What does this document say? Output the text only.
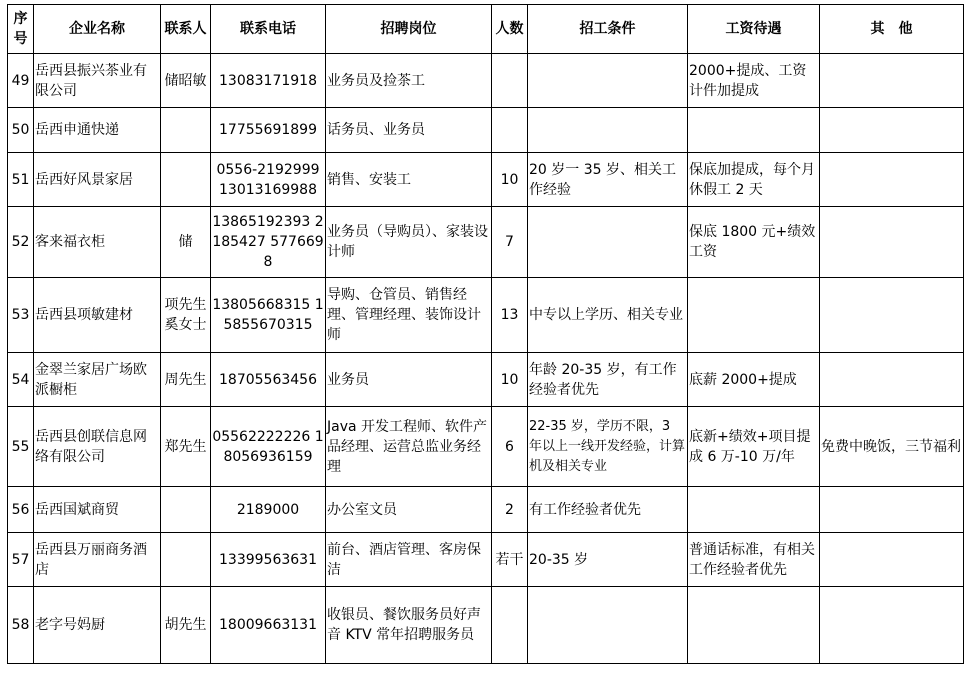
序号	企业名称	联系人	联系电话	招聘岗位	人数	招工条件	工资待遇	其　他
49	岳西县振兴茶业有限公司	储昭敏	13083171918	业务员及捡茶工			2000+提成、工资计件加提成	
50	岳西申通快递		17755691899	话务员、业务员				
51	岳西好风景家居		0556-2192999 13013169988	销售、安装工	10	20 岁一 35 岁、相关工作经验	保底加提成，每个月休假工 2 天	
52	客来福衣柜	储	13865192393 2185427 5776698	业务员（导购员）、家装设计师	7		保底 1800 元+绩效工资	
53	岳西县项敏建材	项先生 奚女士	13805668315 15855670315	导购、仓管员、销售经理、管理经理、装饰设计师	13	中专以上学历、相关专业		
54	金翠兰家居广场欧派橱柜	周先生	18705563456	业务员	10	年龄 20-35 岁，有工作经验者优先	底薪 2000+提成	
55	岳西县创联信息网络有限公司	郑先生	05562222226 18056936159	Java 开发工程师、软件产品经理、运营总监业务经理	6	22-35 岁，学历不限，3 年以上一线开发经验，计算机及相关专业	底新+绩效+项目提成 6 万-10 万/年	免费中晚饭，三节福利
56	岳西国斌商贸		2189000	办公室文员	2	有工作经验者优先		
57	岳西县万丽商务酒店		13399563631	前台、酒店管理、客房保洁	若干	20-35 岁	普通话标准，有相关工作经验者优先	
58	老字号妈厨	胡先生	18009663131	收银员、餐饮服务员好声音 KTV 常年招聘服务员				
